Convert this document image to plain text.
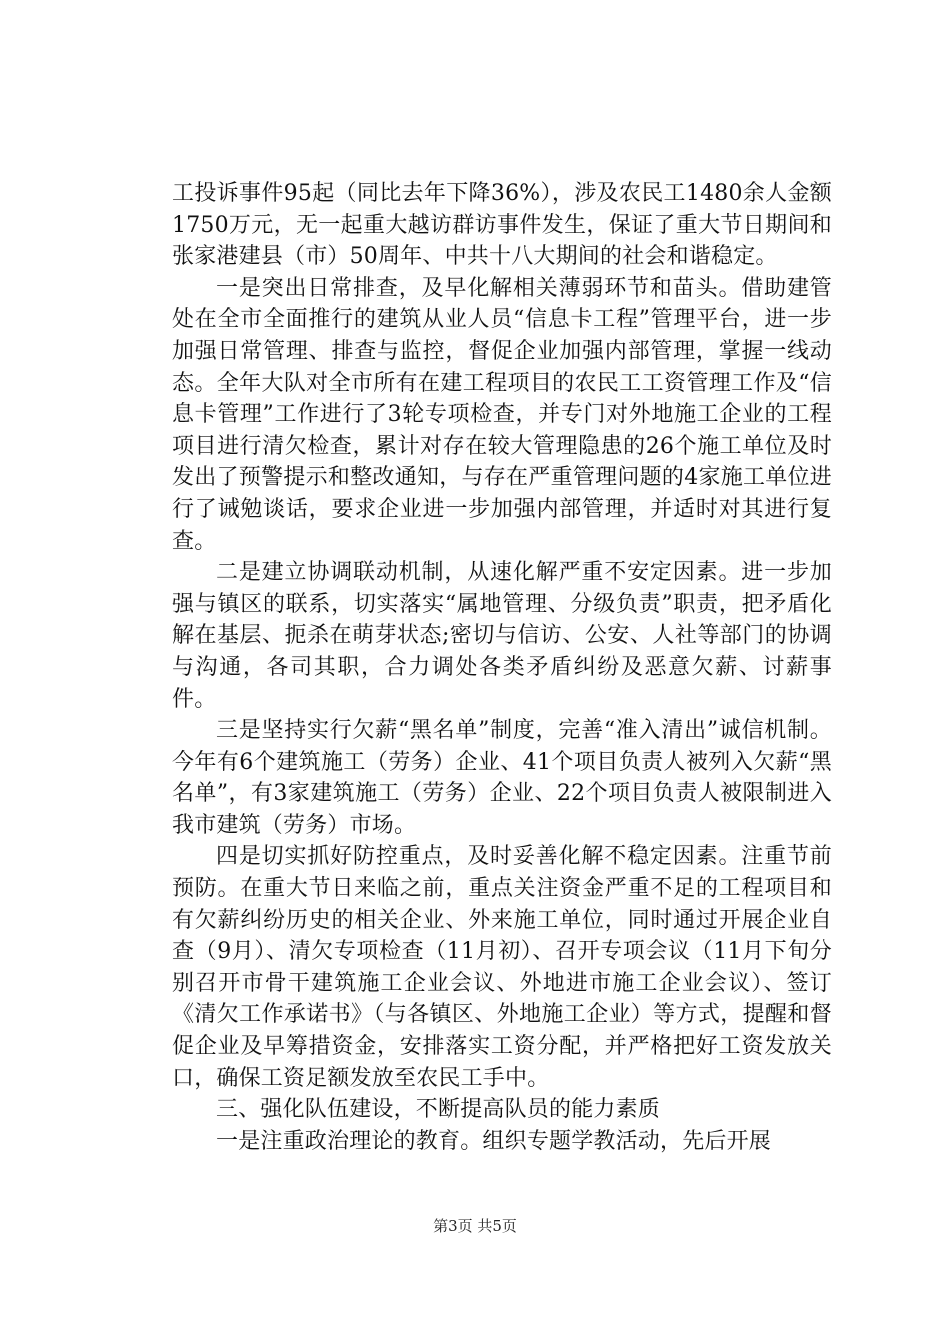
工投诉事件95起（同比去年下降36%），涉及农民工1480余人金额1750万元，无一起重大越访群访事件发生，保证了重大节日期间和张家港建县（市）50周年、中共十八大期间的社会和谐稳定。

一是突出日常排查，及早化解相关薄弱环节和苗头。借助建管处在全市全面推行的建筑从业人员“信息卡工程”管理平台，进一步加强日常管理、排查与监控，督促企业加强内部管理，掌握一线动态。全年大队对全市所有在建工程项目的农民工工资管理工作及“信息卡管理”工作进行了3轮专项检查，并专门对外地施工企业的工程项目进行清欠检查，累计对存在较大管理隐患的26个施工单位及时发出了预警提示和整改通知，与存在严重管理问题的4家施工单位进行了诫勉谈话，要求企业进一步加强内部管理，并适时对其进行复查。

二是建立协调联动机制，从速化解严重不安定因素。进一步加强与镇区的联系，切实落实“属地管理、分级负责”职责，把矛盾化解在基层、扼杀在萌芽状态;密切与信访、公安、人社等部门的协调与沟通，各司其职，合力调处各类矛盾纠纷及恶意欠薪、讨薪事件。

三是坚持实行欠薪“黑名单”制度，完善“准入清出”诚信机制。今年有6个建筑施工（劳务）企业、41个项目负责人被列入欠薪“黑名单”，有3家建筑施工（劳务）企业、22个项目负责人被限制进入我市建筑（劳务）市场。

四是切实抓好防控重点，及时妥善化解不稳定因素。注重节前预防。在重大节日来临之前，重点关注资金严重不足的工程项目和有欠薪纠纷历史的相关企业、外来施工单位，同时通过开展企业自查（9月）、清欠专项检查（11月初）、召开专项会议（11月下旬分别召开市骨干建筑施工企业会议、外地进市施工企业会议）、签订《清欠工作承诺书》（与各镇区、外地施工企业）等方式，提醒和督促企业及早筹措资金，安排落实工资分配，并严格把好工资发放关口，确保工资足额发放至农民工手中。

三、强化队伍建设，不断提高队员的能力素质

一是注重政治理论的教育。组织专题学教活动，先后开展

第3页 共5页
